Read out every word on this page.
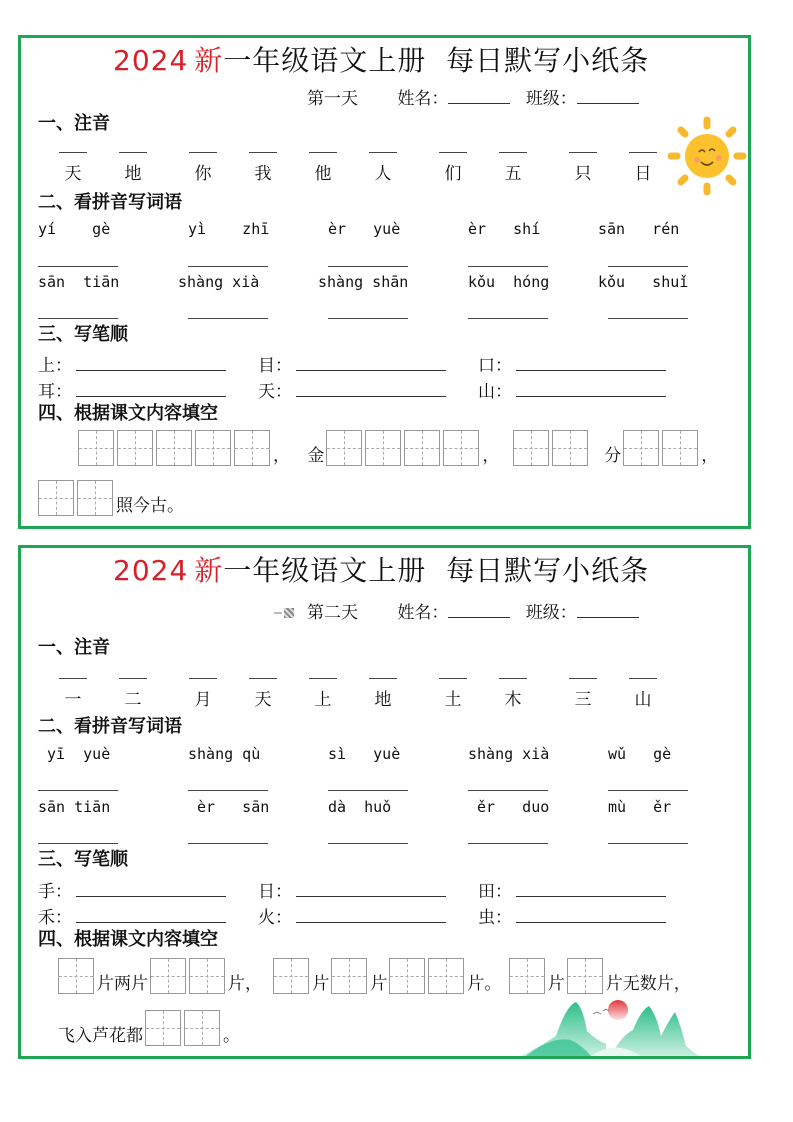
2024 新一年级语文上册  每日默写小纸条
第一天 姓名：	班级：
一、注音
天	地	你	我	他	人	们	五	只	日
二、看拼音写词语
yí    gè	yì    zhī	èr   yuè	èr   shí	sān   rén
sān  tiān	shàng xià	shàng shān	kǒu  hóng	kǒu   shuǐ
三、写笔顺
上：	目：	口：
耳：	天：	山：
四、根据课文内容填空
， 金	，	分	，
照今古。
2024 新一年级语文上册  每日默写小纸条
第二天 姓名：	班级：
一、注音
一	二	月	天	上	地	土	木	三	山
二、看拼音写词语
yī  yuè	shàng qù	sì   yuè	shàng xià	wǔ   gè
sān tiān	èr   sān	dà  huǒ	ěr   duo	mù   ěr
三、写笔顺
手：	日：	田：
禾：	火：	虫：
四、根据课文内容填空
片两片	片，	片 片	片。	片 片无数片，
飞入芦花都	。
